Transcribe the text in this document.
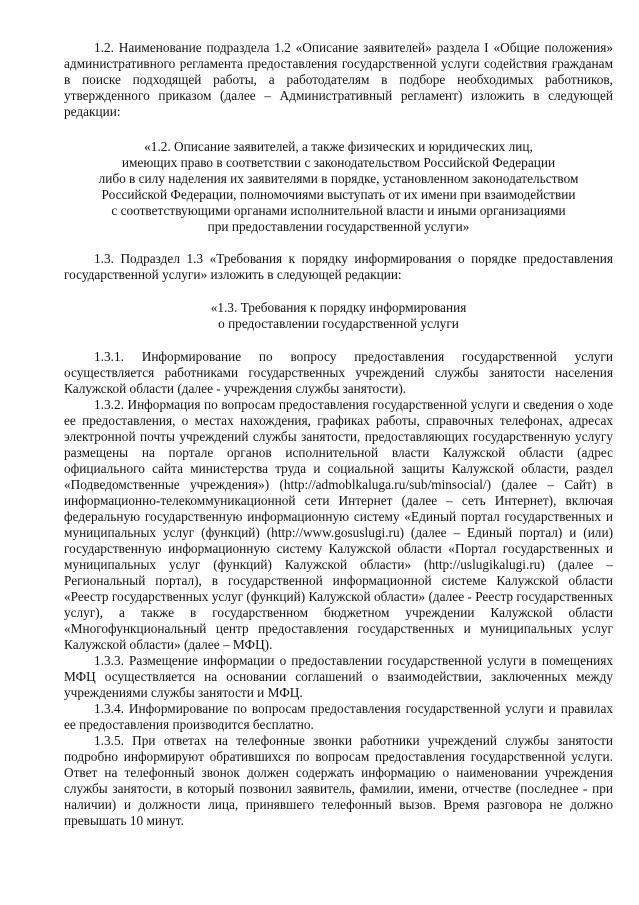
1.2. Наименование подраздела 1.2 «Описание заявителей» раздела I «Общие положения» административного регламента предоставления государственной услуги содействия гражданам в поиске подходящей работы, а работодателям в подборе необходимых работников, утвержденного приказом (далее – Административный регламент) изложить в следующей редакции:

«1.2. Описание заявителей, а также физических и юридических лиц,

имеющих право в соответствии с законодательством Российской Федерации

либо в силу наделения их заявителями в порядке, установленном законодательством

Российской Федерации, полномочиями выступать от их имени при взаимодействии

с соответствующими органами исполнительной власти и иными организациями

при предоставлении государственной услуги»

1.3. Подраздел 1.3 «Требования к порядку информирования о порядке предоставления государственной услуги» изложить в следующей редакции:

«1.3. Требования к порядку информирования

о предоставлении государственной услуги

1.3.1. Информирование по вопросу предоставления государственной услуги осуществляется работниками государственных учреждений службы занятости населения Калужской области (далее - учреждения службы занятости).

1.3.2. Информация по вопросам предоставления государственной услуги и сведения о ходе ее предоставления, о местах нахождения, графиках работы, справочных телефонах, адресах электронной почты учреждений службы занятости, предоставляющих государственную услугу размещены на портале органов исполнительной власти Калужской области (адрес официального сайта министерства труда и социальной защиты Калужской области, раздел «Подведомственные учреждения») (http://admoblkaluga.ru/sub/minsocial/) (далее – Сайт) в информационно-телекоммуникационной сети Интернет (далее – сеть Интернет), включая федеральную государственную информационную систему «Единый портал государственных и муниципальных услуг (функций) (http://www.gosuslugi.ru) (далее – Единый портал) и (или) государственную информационную систему Калужской области «Портал государственных и муниципальных услуг (функций) Калужской области» (http://uslugikalugi.ru) (далее – Региональный портал), в государственной информационной системе Калужской области «Реестр государственных услуг (функций) Калужской области» (далее - Реестр государственных услуг), а также в государственном бюджетном учреждении Калужской области «Многофункциональный центр предоставления государственных и муниципальных услуг Калужской области» (далее – МФЦ).

1.3.3. Размещение информации о предоставлении государственной услуги в помещениях МФЦ осуществляется на основании соглашений о взаимодействии, заключенных между учреждениями службы занятости и МФЦ.

1.3.4. Информирование по вопросам предоставления государственной услуги и правилах ее предоставления производится бесплатно.

1.3.5. При ответах на телефонные звонки работники учреждений службы занятости подробно информируют обратившихся по вопросам предоставления государственной услуги. Ответ на телефонный звонок должен содержать информацию о наименовании учреждения службы занятости, в который позвонил заявитель, фамилии, имени, отчестве (последнее - при наличии) и должности лица, принявшего телефонный вызов. Время разговора не должно превышать 10 минут.
